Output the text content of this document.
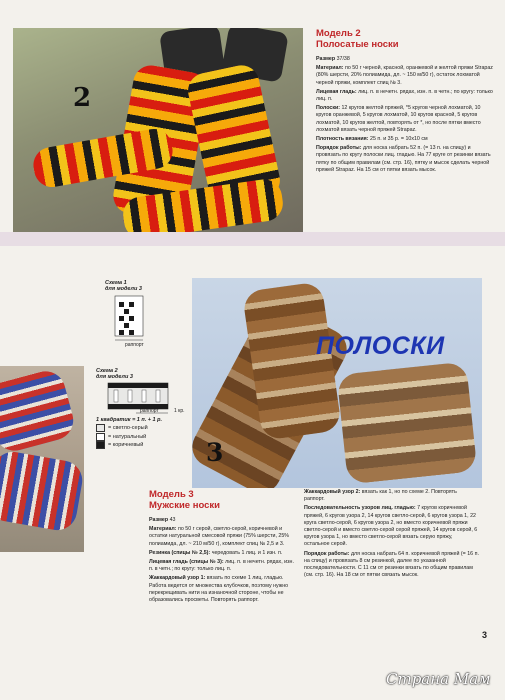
2
Модель 2
Полосатые носки

Размер 37/38

Материал: по 50 г черной, красной, оранжевой и желтой пряжи Strapaz (80% шерсти, 20% полиамида, дл. ~ 150 м/50 г), остаток лохматой черной пряжи, комплект спиц № 3.

Лицевая гладь: лиц. п. в нечетн. рядах, изн. п. в четн.; по кругу: только лиц. п.

Полоски: 12 кругов желтой пряжей, *5 кругов черной лохматой, 10 кругов оранжевой, 5 кругов лохматой, 10 кругов красной, 5 кругов лохматой, 10 кругов желтой, повторять от *, но после пятки вместо лохматой вязать черной пряжей Strapaz.

Плотность вязания: 25 п. и 35 р. = 10х10 см

Порядок работы: для носка набрать 52 п. (= 13 п. на спицу) и провязать по кругу полоски лиц. гладью. На 77 круге от резинки вязать пятку по общим правилам (см. стр. 16), пятку и мысок сделать черной пряжей Strapaz. На 15 см от пятки вязать мысок.

Схема 1
для модели 3
раппорт
Схема 2
для модели 3
раппорт	1 кр.
1 квадратик = 1 п. + 1 р.
= светло-серый
= натуральный
= коричневый
ПОЛОСКИ
3
Модель 3
Мужские носки

Размер 43

Материал: по 50 г серой, светло-серой, коричневой и остатки натуральной смесовой пряжи (75% шерсти, 25% полиамида, дл. ~ 210 м/50 г), комплект спиц № 2,5 и 3.

Резинка (спицы № 2,5): чередовать 1 лиц. и 1 изн. п.

Лицевая гладь (спицы № 3): лиц. п. в нечетн. рядах, изн. п. в четн.; по кругу: только лиц. п.

Жаккардовый узор 1: вязать по схеме 1 лиц. гладью. Работа ведется от множества клубочков, поэтому нужно перекрещивать нити на изнаночной стороне, чтобы не образовались просветы. Повторять раппорт.

Жаккардовый узор 2: вязать как 1, но по схеме 2. Повторять раппорт.

Последовательность узоров лиц. гладью: 7 кругов коричневой пряжей, 6 кругов узора 2, 14 кругов светло-серой, 6 кругов узора 1, 22 круга светло-серой, 6 кругов узора 2, но вместо коричневой пряжи светло-серой и вместо светло-серой серой пряжей, 14 кругов серой, 6 кругов узора 1, но вместо светло-серой вязать серую пряжу, остальное серой.

Порядок работы: для носка набрать 64 п. коричневой пряжей (= 16 п. на спицу) и провязать 8 см резинкой, далее по указанной последовательности. С 11 см от резинки вязать по общим правилам (см. стр. 16). На 18 см от пятки связать мысок.

3
Страна Мам
